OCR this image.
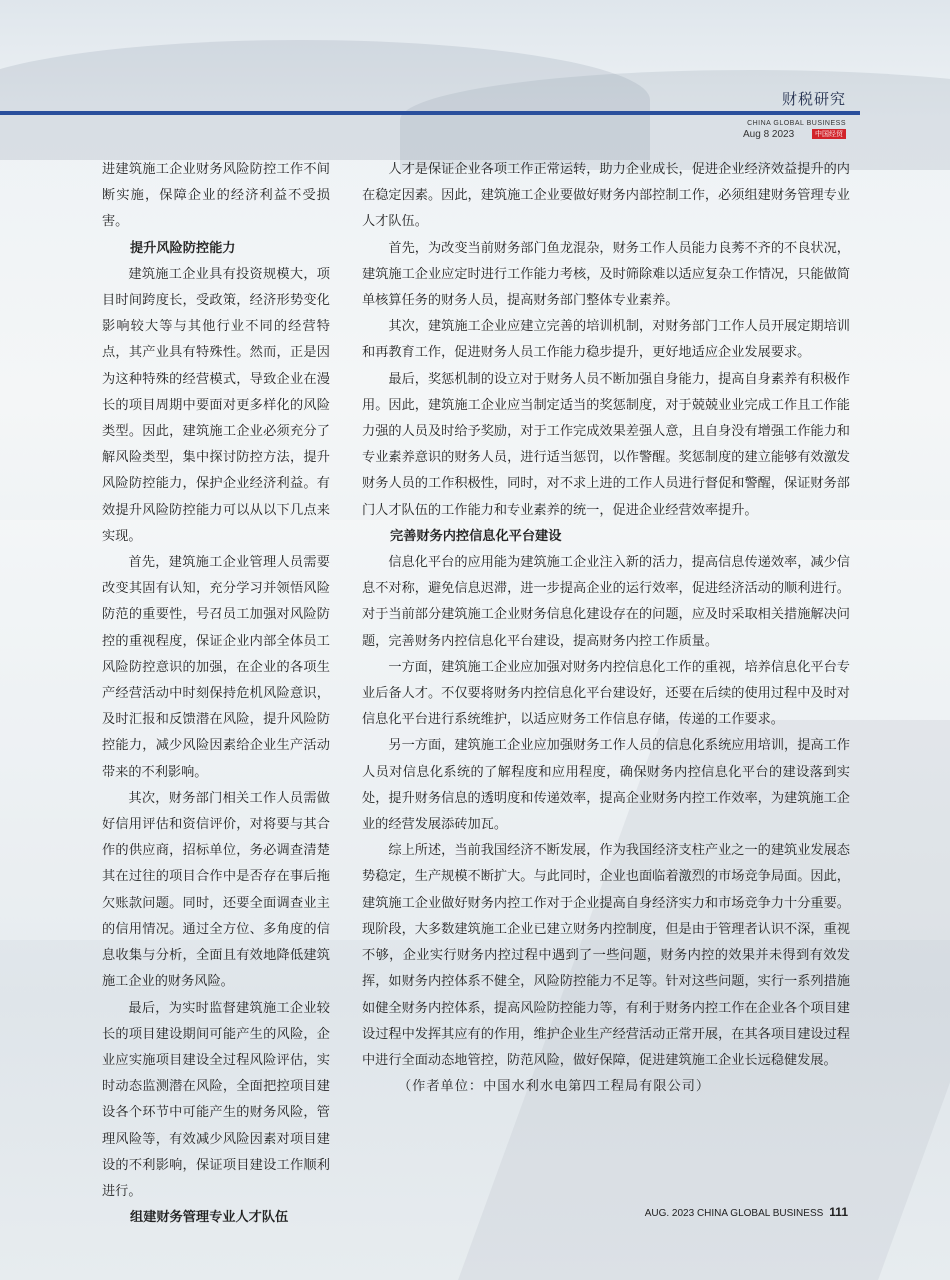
财税研究
CHINA GLOBAL BUSINESS
Aug 8 2023	中国经贸

进建筑施工企业财务风险防控工作不间断实施，保障企业的经济利益不受损害。

提升风险防控能力

建筑施工企业具有投资规模大，项目时间跨度长，受政策，经济形势变化影响较大等与其他行业不同的经营特点，其产业具有特殊性。然而，正是因为这种特殊的经营模式，导致企业在漫长的项目周期中要面对更多样化的风险类型。因此，建筑施工企业必须充分了解风险类型，集中探讨防控方法，提升风险防控能力，保护企业经济利益。有效提升风险防控能力可以从以下几点来实现。

首先，建筑施工企业管理人员需要改变其固有认知，充分学习并领悟风险防范的重要性，号召员工加强对风险防控的重视程度，保证企业内部全体员工风险防控意识的加强，在企业的各项生产经营活动中时刻保持危机风险意识，及时汇报和反馈潜在风险，提升风险防控能力，减少风险因素给企业生产活动带来的不利影响。

其次，财务部门相关工作人员需做好信用评估和资信评价，对将要与其合作的供应商，招标单位，务必调查清楚其在过往的项目合作中是否存在事后拖欠账款问题。同时，还要全面调查业主的信用情况。通过全方位、多角度的信息收集与分析，全面且有效地降低建筑施工企业的财务风险。

最后，为实时监督建筑施工企业较长的项目建设期间可能产生的风险，企业应实施项目建设全过程风险评估，实时动态监测潜在风险，全面把控项目建设各个环节中可能产生的财务风险，管理风险等，有效减少风险因素对项目建设的不利影响，保证项目建设工作顺利进行。

组建财务管理专业人才队伍

人才是保证企业各项工作正常运转，助力企业成长，促进企业经济效益提升的内在稳定因素。因此，建筑施工企业要做好财务内部控制工作，必须组建财务管理专业人才队伍。

首先，为改变当前财务部门鱼龙混杂，财务工作人员能力良莠不齐的不良状况，建筑施工企业应定时进行工作能力考核，及时筛除难以适应复杂工作情况，只能做简单核算任务的财务人员，提高财务部门整体专业素养。

其次，建筑施工企业应建立完善的培训机制，对财务部门工作人员开展定期培训和再教育工作，促进财务人员工作能力稳步提升，更好地适应企业发展要求。

最后，奖惩机制的设立对于财务人员不断加强自身能力，提高自身素养有积极作用。因此，建筑施工企业应当制定适当的奖惩制度，对于兢兢业业完成工作且工作能力强的人员及时给予奖励，对于工作完成效果差强人意，且自身没有增强工作能力和专业素养意识的财务人员，进行适当惩罚，以作警醒。奖惩制度的建立能够有效激发财务人员的工作积极性，同时，对不求上进的工作人员进行督促和警醒，保证财务部门人才队伍的工作能力和专业素养的统一，促进企业经营效率提升。

完善财务内控信息化平台建设

信息化平台的应用能为建筑施工企业注入新的活力，提高信息传递效率，减少信息不对称，避免信息迟滞，进一步提高企业的运行效率，促进经济活动的顺利进行。对于当前部分建筑施工企业财务信息化建设存在的问题，应及时采取相关措施解决问题，完善财务内控信息化平台建设，提高财务内控工作质量。

一方面，建筑施工企业应加强对财务内控信息化工作的重视，培养信息化平台专业后备人才。不仅要将财务内控信息化平台建设好，还要在后续的使用过程中及时对信息化平台进行系统维护，以适应财务工作信息存储，传递的工作要求。

另一方面，建筑施工企业应加强财务工作人员的信息化系统应用培训，提高工作人员对信息化系统的了解程度和应用程度，确保财务内控信息化平台的建设落到实处，提升财务信息的透明度和传递效率，提高企业财务内控工作效率，为建筑施工企业的经营发展添砖加瓦。

综上所述，当前我国经济不断发展，作为我国经济支柱产业之一的建筑业发展态势稳定，生产规模不断扩大。与此同时，企业也面临着激烈的市场竞争局面。因此，建筑施工企业做好财务内控工作对于企业提高自身经济实力和市场竞争力十分重要。现阶段，大多数建筑施工企业已建立财务内控制度，但是由于管理者认识不深，重视不够，企业实行财务内控过程中遇到了一些问题，财务内控的效果并未得到有效发挥，如财务内控体系不健全，风险防控能力不足等。针对这些问题，实行一系列措施如健全财务内控体系，提高风险防控能力等，有利于财务内控工作在企业各个项目建设过程中发挥其应有的作用，维护企业生产经营活动正常开展，在其各项目建设过程中进行全面动态地管控，防范风险，做好保障，促进建筑施工企业长远稳健发展。

（作者单位：中国水利水电第四工程局有限公司）

AUG. 2023 CHINA GLOBAL BUSINESS 111
